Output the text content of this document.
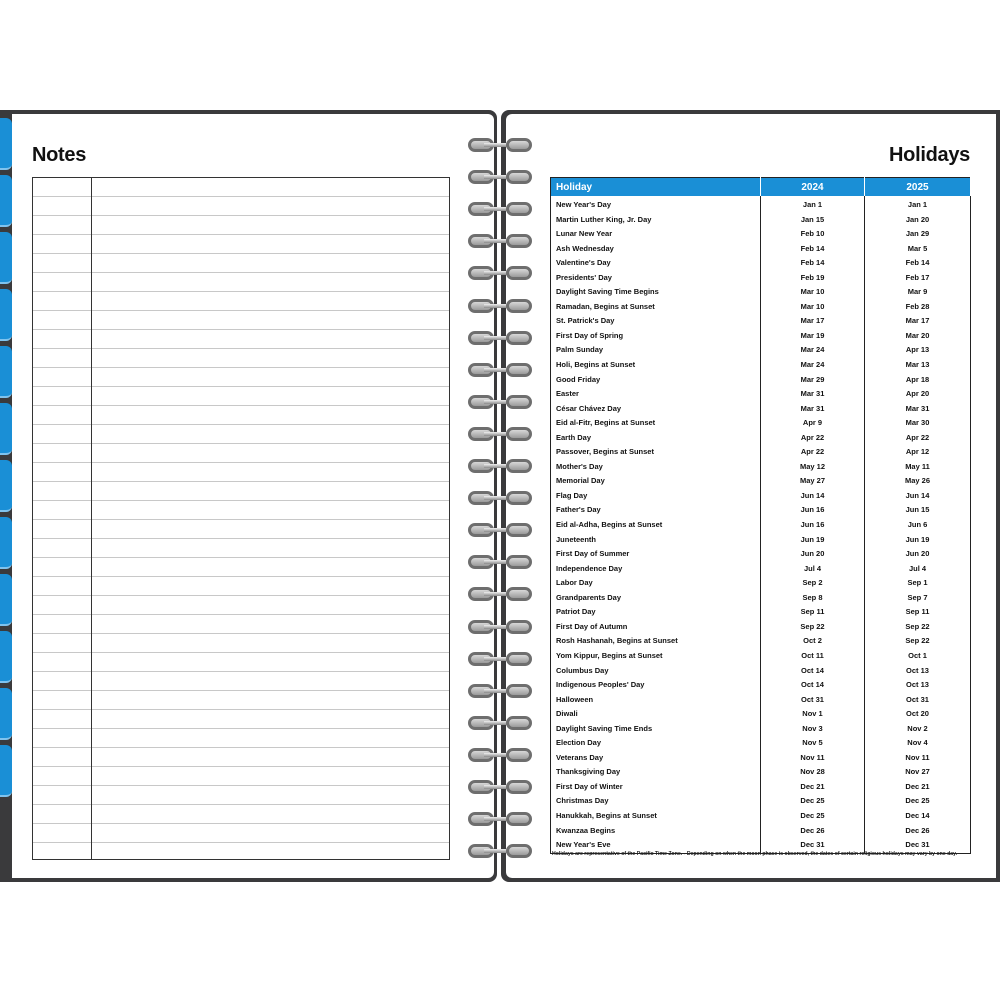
Notes	Holidays
Holiday	2024	2025
New Year's Day	Jan 1	Jan 1
Martin Luther King, Jr. Day	Jan 15	Jan 20
Lunar New Year	Feb 10	Jan 29
Ash Wednesday	Feb 14	Mar 5
Valentine's Day	Feb 14	Feb 14
Presidents' Day	Feb 19	Feb 17
Daylight Saving Time Begins	Mar 10	Mar 9
Ramadan, Begins at Sunset	Mar 10	Feb 28
St. Patrick's Day	Mar 17	Mar 17
First Day of Spring	Mar 19	Mar 20
Palm Sunday	Mar 24	Apr 13
Holi, Begins at Sunset	Mar 24	Mar 13
Good Friday	Mar 29	Apr 18
Easter	Mar 31	Apr 20
César Chávez Day	Mar 31	Mar 31
Eid al-Fitr, Begins at Sunset	Apr 9	Mar 30
Earth Day	Apr 22	Apr 22
Passover, Begins at Sunset	Apr 22	Apr 12
Mother's Day	May 12	May 11
Memorial Day	May 27	May 26
Flag Day	Jun 14	Jun 14
Father's Day	Jun 16	Jun 15
Eid al-Adha, Begins at Sunset	Jun 16	Jun 6
Juneteenth	Jun 19	Jun 19
First Day of Summer	Jun 20	Jun 20
Independence Day	Jul 4	Jul 4
Labor Day	Sep 2	Sep 1
Grandparents Day	Sep 8	Sep 7
Patriot Day	Sep 11	Sep 11
First Day of Autumn	Sep 22	Sep 22
Rosh Hashanah, Begins at Sunset	Oct 2	Sep 22
Yom Kippur, Begins at Sunset	Oct 11	Oct 1
Columbus Day	Oct 14	Oct 13
Indigenous Peoples' Day	Oct 14	Oct 13
Halloween	Oct 31	Oct 31
Diwali	Nov 1	Oct 20
Daylight Saving Time Ends	Nov 3	Nov 2
Election Day	Nov 5	Nov 4
Veterans Day	Nov 11	Nov 11
Thanksgiving Day	Nov 28	Nov 27
First Day of Winter	Dec 21	Dec 21
Christmas Day	Dec 25	Dec 25
Hanukkah, Begins at Sunset	Dec 25	Dec 14
Kwanzaa Begins	Dec 26	Dec 26
New Year's Eve	Dec 31	Dec 31
Holidays are representative of the Pacific Time Zone. - Depending on when the moon phase is observed, the dates of certain religious holidays may vary by one day.
